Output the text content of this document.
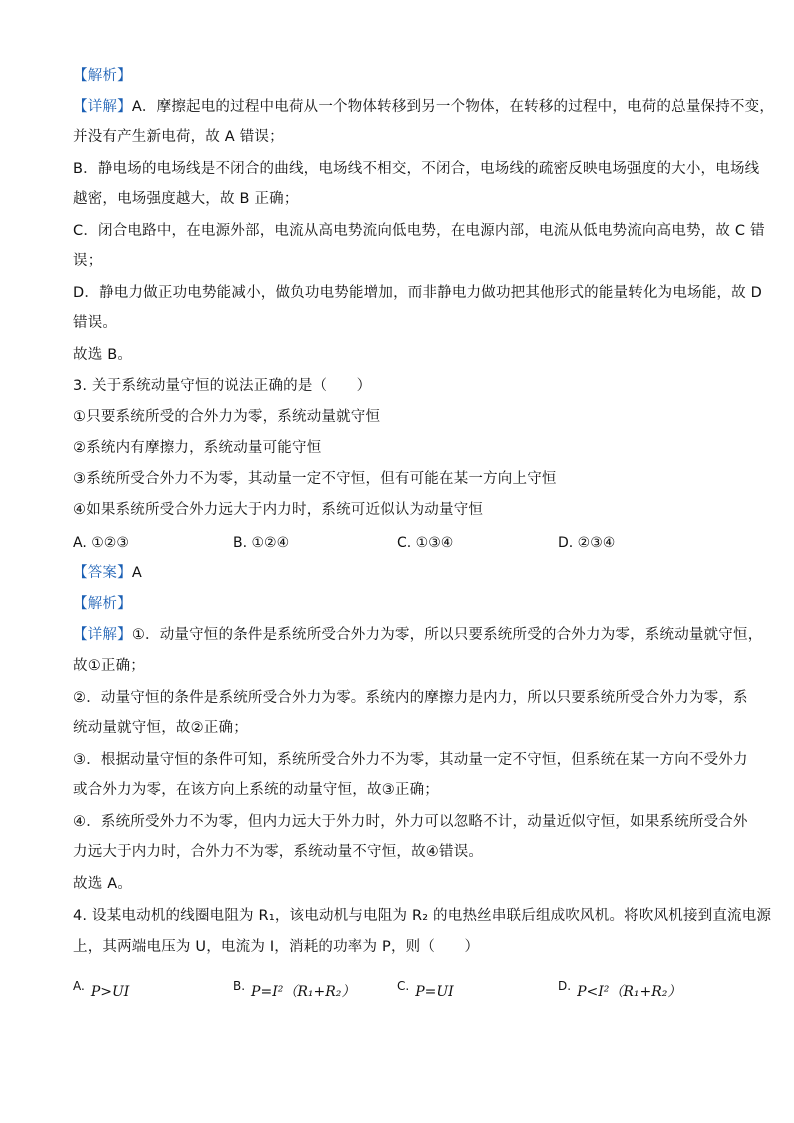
【解析】
【详解】A．摩擦起电的过程中电荷从一个物体转移到另一个物体，在转移的过程中，电荷的总量保持不变，
并没有产生新电荷，故 A 错误；
B．静电场的电场线是不闭合的曲线，电场线不相交，不闭合，电场线的疏密反映电场强度的大小，电场线
越密，电场强度越大，故 B 正确；
C．闭合电路中，在电源外部，电流从高电势流向低电势，在电源内部，电流从低电势流向高电势，故 C 错
误；
D．静电力做正功电势能减小，做负功电势能增加，而非静电力做功把其他形式的能量转化为电场能，故 D
错误。
故选 B。
3. 关于系统动量守恒的说法正确的是（　　）
①只要系统所受的合外力为零，系统动量就守恒
②系统内有摩擦力，系统动量可能守恒
③系统所受合外力不为零，其动量一定不守恒，但有可能在某一方向上守恒
④如果系统所受合外力远大于内力时，系统可近似认为动量守恒
A. ①②③	B. ①②④	C. ①③④	D. ②③④
【答案】A
【解析】
【详解】①．动量守恒的条件是系统所受合外力为零，所以只要系统所受的合外力为零，系统动量就守恒，
故①正确；
②．动量守恒的条件是系统所受合外力为零。系统内的摩擦力是内力，所以只要系统所受合外力为零，系
统动量就守恒，故②正确；
③．根据动量守恒的条件可知，系统所受合外力不为零，其动量一定不守恒，但系统在某一方向不受外力
或合外力为零，在该方向上系统的动量守恒，故③正确；
④．系统所受外力不为零，但内力远大于外力时，外力可以忽略不计，动量近似守恒，如果系统所受合外
力远大于内力时，合外力不为零，系统动量不守恒，故④错误。
故选 A。
4. 设某电动机的线圈电阻为 R₁，该电动机与电阻为 R₂ 的电热丝串联后组成吹风机。将吹风机接到直流电源
上，其两端电压为 U，电流为 I，消耗的功率为 P，则（　　）
A. P>UI	B. P=I²（R₁+R₂）	C. P=UI	D. P<I²（R₁+R₂）
